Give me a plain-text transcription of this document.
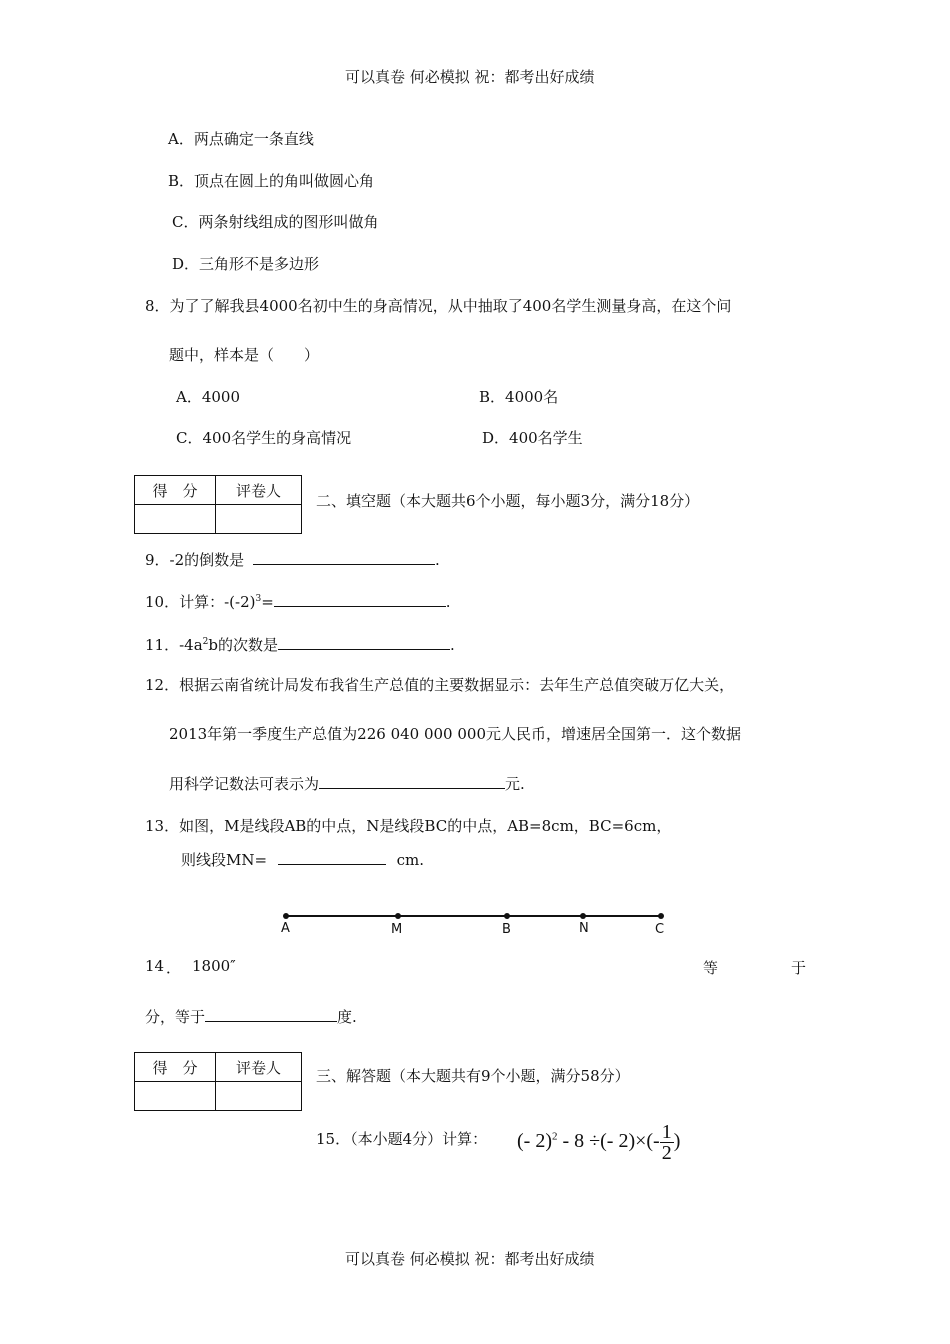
可以真卷 何必模拟 祝：都考出好成绩
A．两点确定一条直线
B．顶点在圆上的角叫做圆心角
C．两条射线组成的图形叫做角
D．三角形不是多边形
8．为了了解我县4000名初中生的身高情况，从中抽取了400名学生测量身高，在这个问
题中，样本是（　　）
A．4000	B．4000名
C．400名学生的身高情况	D．400名学生
得　分	评卷人

二、填空题（本大题共6个小题，每小题3分，满分18分）
9．-2的倒数是	.
10．计算：$-(-2)^3=$	.
11．$-4a^2b$的次数是	.
12．根据云南省统计局发布我省生产总值的主要数据显示：去年生产总值突破万亿大关，
2013年第一季度生产总值为226 040 000 000元人民币，增速居全国第一．这个数据
用科学记数法可表示为	元.
13．如图，M是线段AB的中点，N是线段BC的中点，AB=8cm，BC=6cm，
则线段MN=	cm.
A	M	B	N	C
14 ． 1800″	等	于
分，等于	度.
得　分	评卷人
	三、解答题（本大题共有9个小题，满分58分）
15．（本小题4分）计算： (- 2)$^2$ - 8 ÷(- $2)\times(- \frac{1}{2}$ )
可以真卷 何必模拟 祝：都考出好成绩
